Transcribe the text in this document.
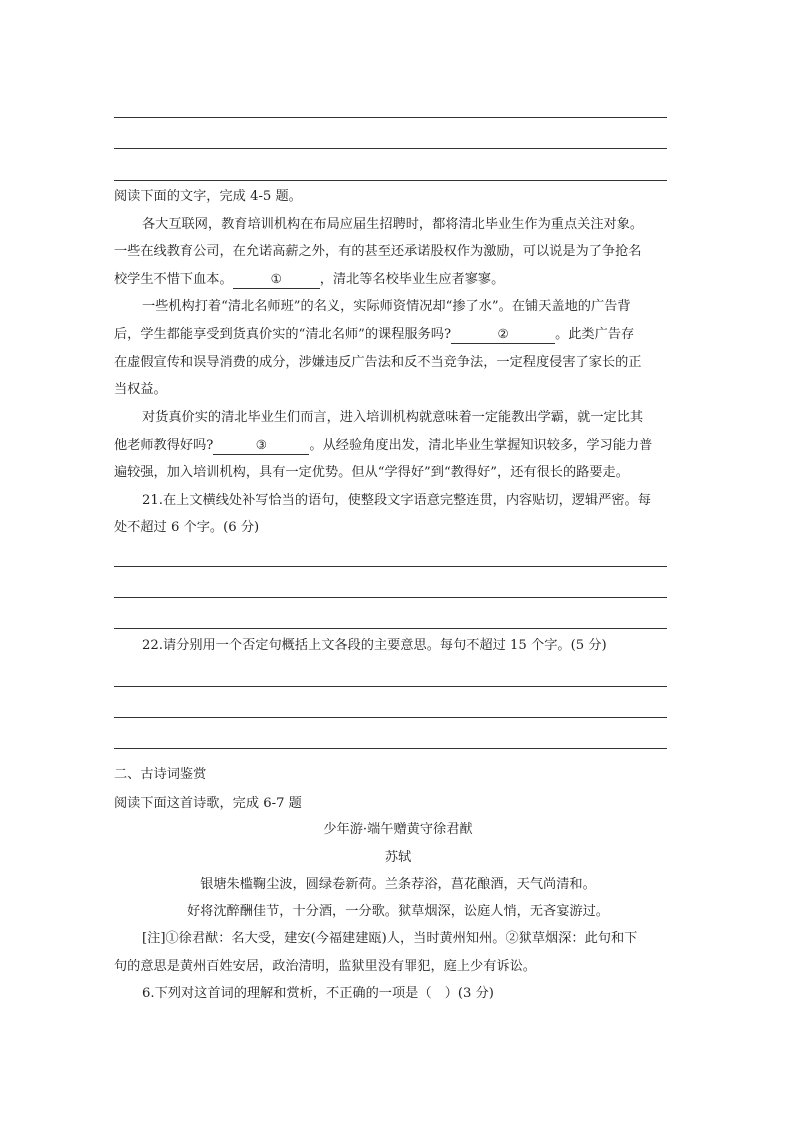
阅读下面的文字，完成 4-5 题。
各大互联网，教育培训机构在布局应届生招聘时，都将清北毕业生作为重点关注对象。
一些在线教育公司，在允诺高薪之外，有的甚至还承诺股权作为激励，可以说是为了争抢名
校学生不惜下血本。	①	，清北等名校毕业生应者寥寥。
一些机构打着“清北名师班”的名义，实际师资情况却“掺了水”。在铺天盖地的广告背
后，学生都能享受到货真价实的“清北名师”的课程服务吗?	②	。此类广告存
在虚假宣传和误导消费的成分，涉嫌违反广告法和反不当竞争法，一定程度侵害了家长的正
当权益。
对货真价实的清北毕业生们而言，进入培训机构就意味着一定能教出学霸，就一定比其
他老师教得好吗?	③	。从经验角度出发，清北毕业生掌握知识较多，学习能力普
遍较强，加入培训机构，具有一定优势。但从“学得好”到“教得好”，还有很长的路要走。
21.在上文横线处补写恰当的语句，使整段文字语意完整连贯，内容贴切，逻辑严密。每
处不超过 6 个字。(6 分)
22.请分别用一个否定句概括上文各段的主要意思。每句不超过 15 个字。(5 分)
二、古诗词鉴赏
阅读下面这首诗歌，完成 6-7 题
少年游·端午赠黄守徐君猷
苏轼
银塘朱槛鞠尘波，圆绿卷新荷。兰条荐浴，菖花酿酒，天气尚清和。
好将沈醉酬佳节，十分酒，一分歌。狱草烟深，讼庭人悄，无吝宴游过。
[注]①徐君猷：名大受，建安(今福建建瓯)人，当时黄州知州。②狱草烟深：此句和下
句的意思是黄州百姓安居，政治清明，监狱里没有罪犯，庭上少有诉讼。
6.下列对这首词的理解和赏析，不正确的一项是（　）(3 分)
